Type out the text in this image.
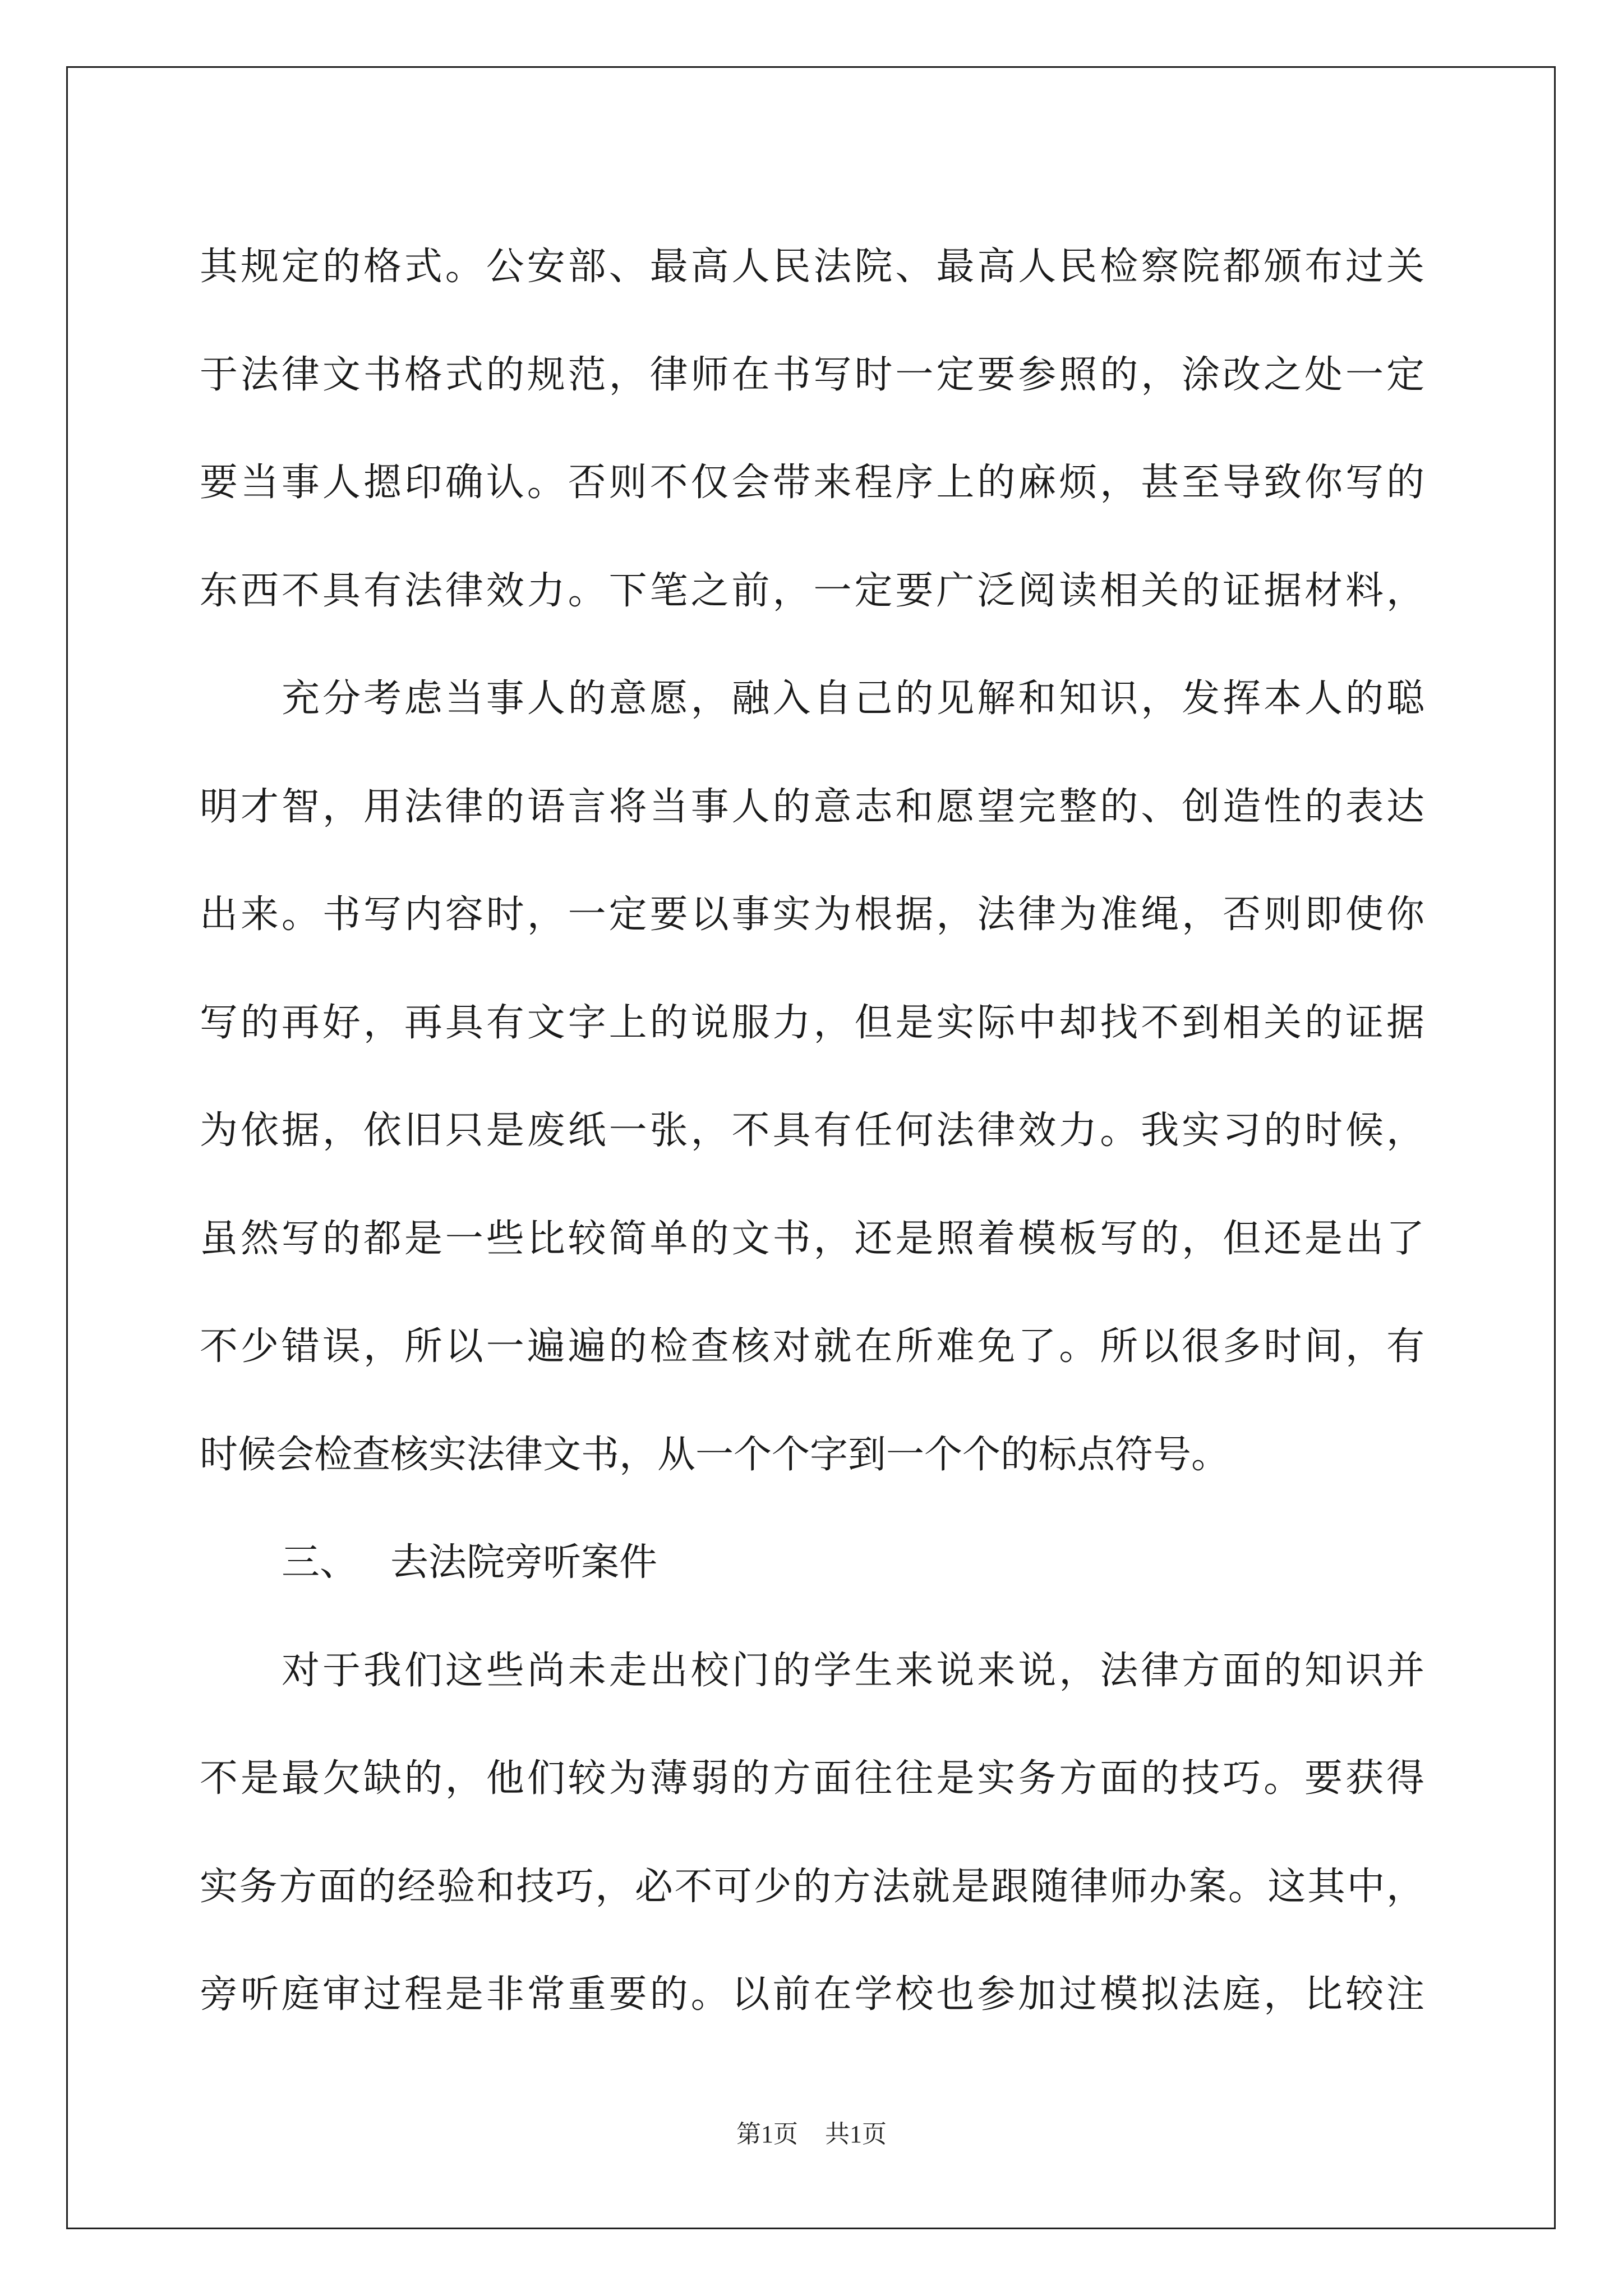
其规定的格式。公安部、最高人民法院、最高人民检察院都颁布过关
于法律文书格式的规范，律师在书写时一定要参照的，涂改之处一定
要当事人摁印确认。否则不仅会带来程序上的麻烦，甚至导致你写的
东西不具有法律效力。下笔之前，一定要广泛阅读相关的证据材料，
充分考虑当事人的意愿，融入自己的见解和知识，发挥本人的聪
明才智，用法律的语言将当事人的意志和愿望完整的、创造性的表达
出来。书写内容时，一定要以事实为根据，法律为准绳，否则即使你
写的再好，再具有文字上的说服力，但是实际中却找不到相关的证据
为依据，依旧只是废纸一张，不具有任何法律效力。我实习的时候，
虽然写的都是一些比较简单的文书，还是照着模板写的，但还是出了
不少错误，所以一遍遍的检查核对就在所难免了。所以很多时间，有
时候会检查核实法律文书，从一个个字到一个个的标点符号。
三、 去法院旁听案件
对于我们这些尚未走出校门的学生来说来说，法律方面的知识并
不是最欠缺的，他们较为薄弱的方面往往是实务方面的技巧。要获得
实务方面的经验和技巧，必不可少的方法就是跟随律师办案。这其中，
旁听庭审过程是非常重要的。以前在学校也参加过模拟法庭，比较注
第1页 共1页
